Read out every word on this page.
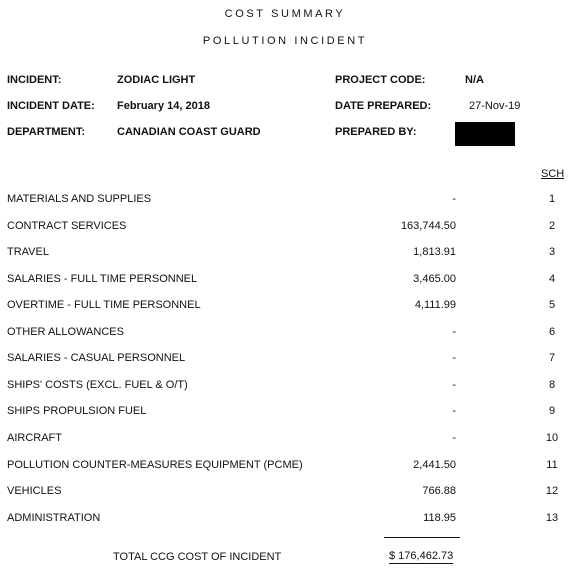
COST SUMMARY
POLLUTION INCIDENT
INCIDENT:	ZODIAC LIGHT
INCIDENT DATE: February 14, 2018
DEPARTMENT:	CANADIAN COAST GUARD
PROJECT CODE:	N/A
DATE PREPARED:	27-Nov-19
PREPARED BY:
SCH
MATERIALS AND SUPPLIES	-	1
CONTRACT SERVICES	163,744.50	2
TRAVEL	1,813.91	3
SALARIES - FULL TIME PERSONNEL	3,465.00	4
OVERTIME - FULL TIME PERSONNEL	4,111.99	5
OTHER ALLOWANCES	-	6
SALARIES - CASUAL PERSONNEL	-	7
SHIPS' COSTS (EXCL. FUEL & O/T)	-	8
SHIPS PROPULSION FUEL	-	9
AIRCRAFT	-	10
POLLUTION COUNTER-MEASURES EQUIPMENT (PCME)	2,441.50	11
VEHICLES	766.88	12
ADMINISTRATION	118.95	13
TOTAL CCG COST OF INCIDENT	$ 176,462.73
